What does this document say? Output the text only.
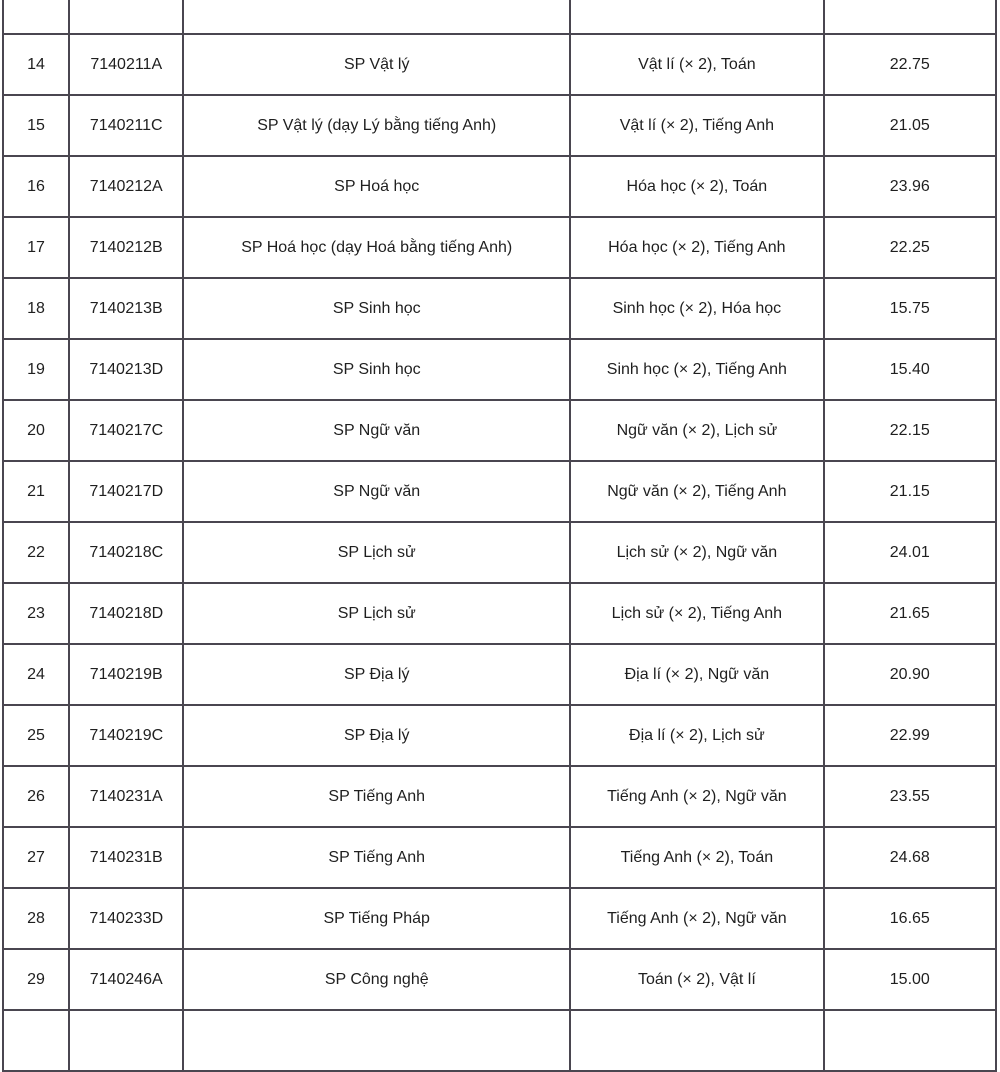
14	7140211A	SP Vật lý	Vật lí (× 2), Toán	22.75
15	7140211C	SP Vật lý (dạy Lý bằng tiếng Anh)	Vật lí (× 2), Tiếng Anh	21.05
16	7140212A	SP Hoá học	Hóa học (× 2), Toán	23.96
17	7140212B	SP Hoá học (dạy Hoá bằng tiếng Anh)	Hóa học (× 2), Tiếng Anh	22.25
18	7140213B	SP Sinh học	Sinh học (× 2), Hóa học	15.75
19	7140213D	SP Sinh học	Sinh học (× 2), Tiếng Anh	15.40
20	7140217C	SP Ngữ văn	Ngữ văn (× 2), Lịch sử	22.15
21	7140217D	SP Ngữ văn	Ngữ văn (× 2), Tiếng Anh	21.15
22	7140218C	SP Lịch sử	Lịch sử (× 2), Ngữ văn	24.01
23	7140218D	SP Lịch sử	Lịch sử (× 2), Tiếng Anh	21.65
24	7140219B	SP Địa lý	Địa lí (× 2), Ngữ văn	20.90
25	7140219C	SP Địa lý	Địa lí (× 2), Lịch sử	22.99
26	7140231A	SP Tiếng Anh	Tiếng Anh (× 2), Ngữ văn	23.55
27	7140231B	SP Tiếng Anh	Tiếng Anh (× 2), Toán	24.68
28	7140233D	SP Tiếng Pháp	Tiếng Anh (× 2), Ngữ văn	16.65
29	7140246A	SP Công nghệ	Toán (× 2), Vật lí	15.00
